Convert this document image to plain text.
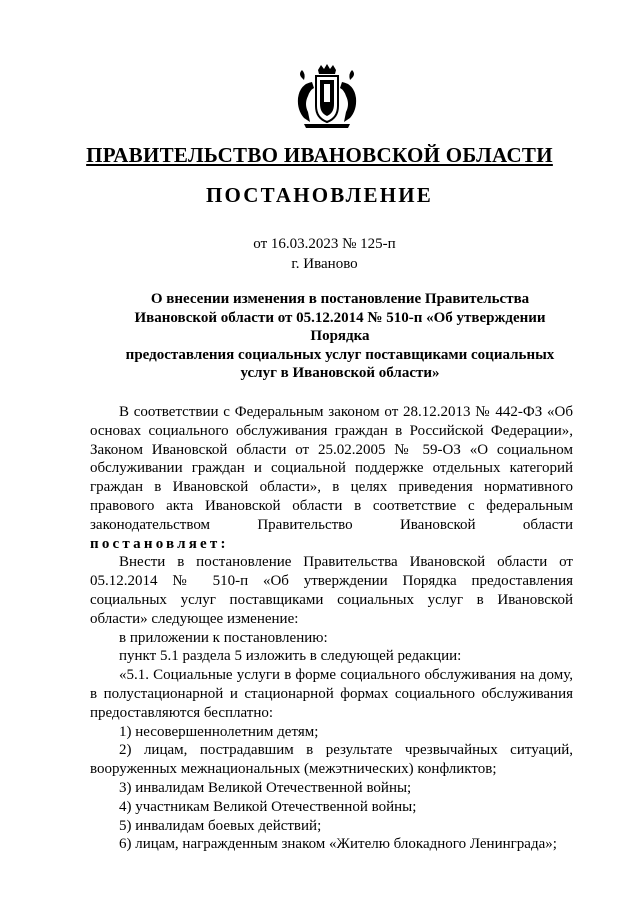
ПРАВИТЕЛЬСТВО ИВАНОВСКОЙ ОБЛАСТИ
ПОСТАНОВЛЕНИЕ
от 16.03.2023 № 125-п
г. Иваново
О внесении изменения в постановление Правительства
Ивановской области от 05.12.2014 № 510-п «Об утверждении Порядка
предоставления социальных услуг поставщиками социальных
услуг в Ивановской области»

В соответствии с Федеральным законом от 28.12.2013 № 442-ФЗ «Об основах социального обслуживания граждан в Российской Федерации», Законом Ивановской области от 25.02.2005 № 59-ОЗ «О социальном обслуживании граждан и социальной поддержке отдельных категорий граждан в Ивановской области», в целях приведения нормативного правового акта Ивановской области в соответствие с федеральным законодательством Правительство Ивановской области постановляет:

Внести в постановление Правительства Ивановской области от 05.12.2014 № 510-п «Об утверждении Порядка предоставления социальных услуг поставщиками социальных услуг в Ивановской области» следующее изменение:

в приложении к постановлению:

пункт 5.1 раздела 5 изложить в следующей редакции:

«5.1. Социальные услуги в форме социального обслуживания на дому, в полустационарной и стационарной формах социального обслуживания предоставляются бесплатно:

1) несовершеннолетним детям;

2) лицам, пострадавшим в результате чрезвычайных ситуаций, вооруженных межнациональных (межэтнических) конфликтов;

3) инвалидам Великой Отечественной войны;

4) участникам Великой Отечественной войны;

5) инвалидам боевых действий;

6) лицам, награжденным знаком «Жителю блокадного Ленинграда»;
